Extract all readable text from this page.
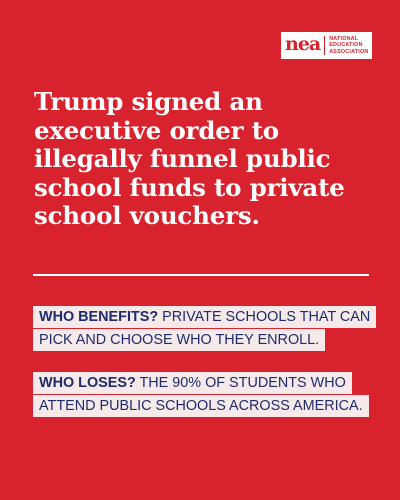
nea NATIONAL
EDUCATION
ASSOCIATION
Trump signed an executive order to illegally funnel public school funds to private school vouchers.
WHO BENEFITS? PRIVATE SCHOOLS THAT CAN PICK AND CHOOSE WHO THEY ENROLL.
WHO LOSES? THE 90% OF STUDENTS WHO ATTEND PUBLIC SCHOOLS ACROSS AMERICA.
